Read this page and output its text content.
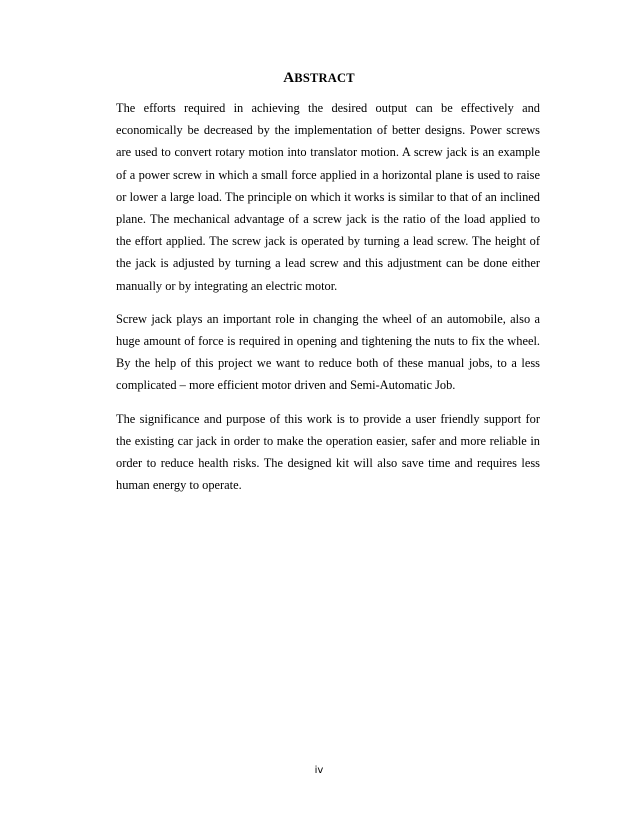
ABSTRACT

The efforts required in achieving the desired output can be effectively and economically be decreased by the implementation of better designs. Power screws are used to convert rotary motion into translator motion. A screw jack is an example of a power screw in which a small force applied in a horizontal plane is used to raise or lower a large load. The principle on which it works is similar to that of an inclined plane. The mechanical advantage of a screw jack is the ratio of the load applied to the effort applied. The screw jack is operated by turning a lead screw. The height of the jack is adjusted by turning a lead screw and this adjustment can be done either manually or by integrating an electric motor.

Screw jack plays an important role in changing the wheel of an automobile, also a huge amount of force is required in opening and tightening the nuts to fix the wheel. By the help of this project we want to reduce both of these manual jobs, to a less complicated – more efficient motor driven and Semi-Automatic Job.

The significance and purpose of this work is to provide a user friendly support for the existing car jack in order to make the operation easier, safer and more reliable in order to reduce health risks. The designed kit will also save time and requires less human energy to operate.

iv
